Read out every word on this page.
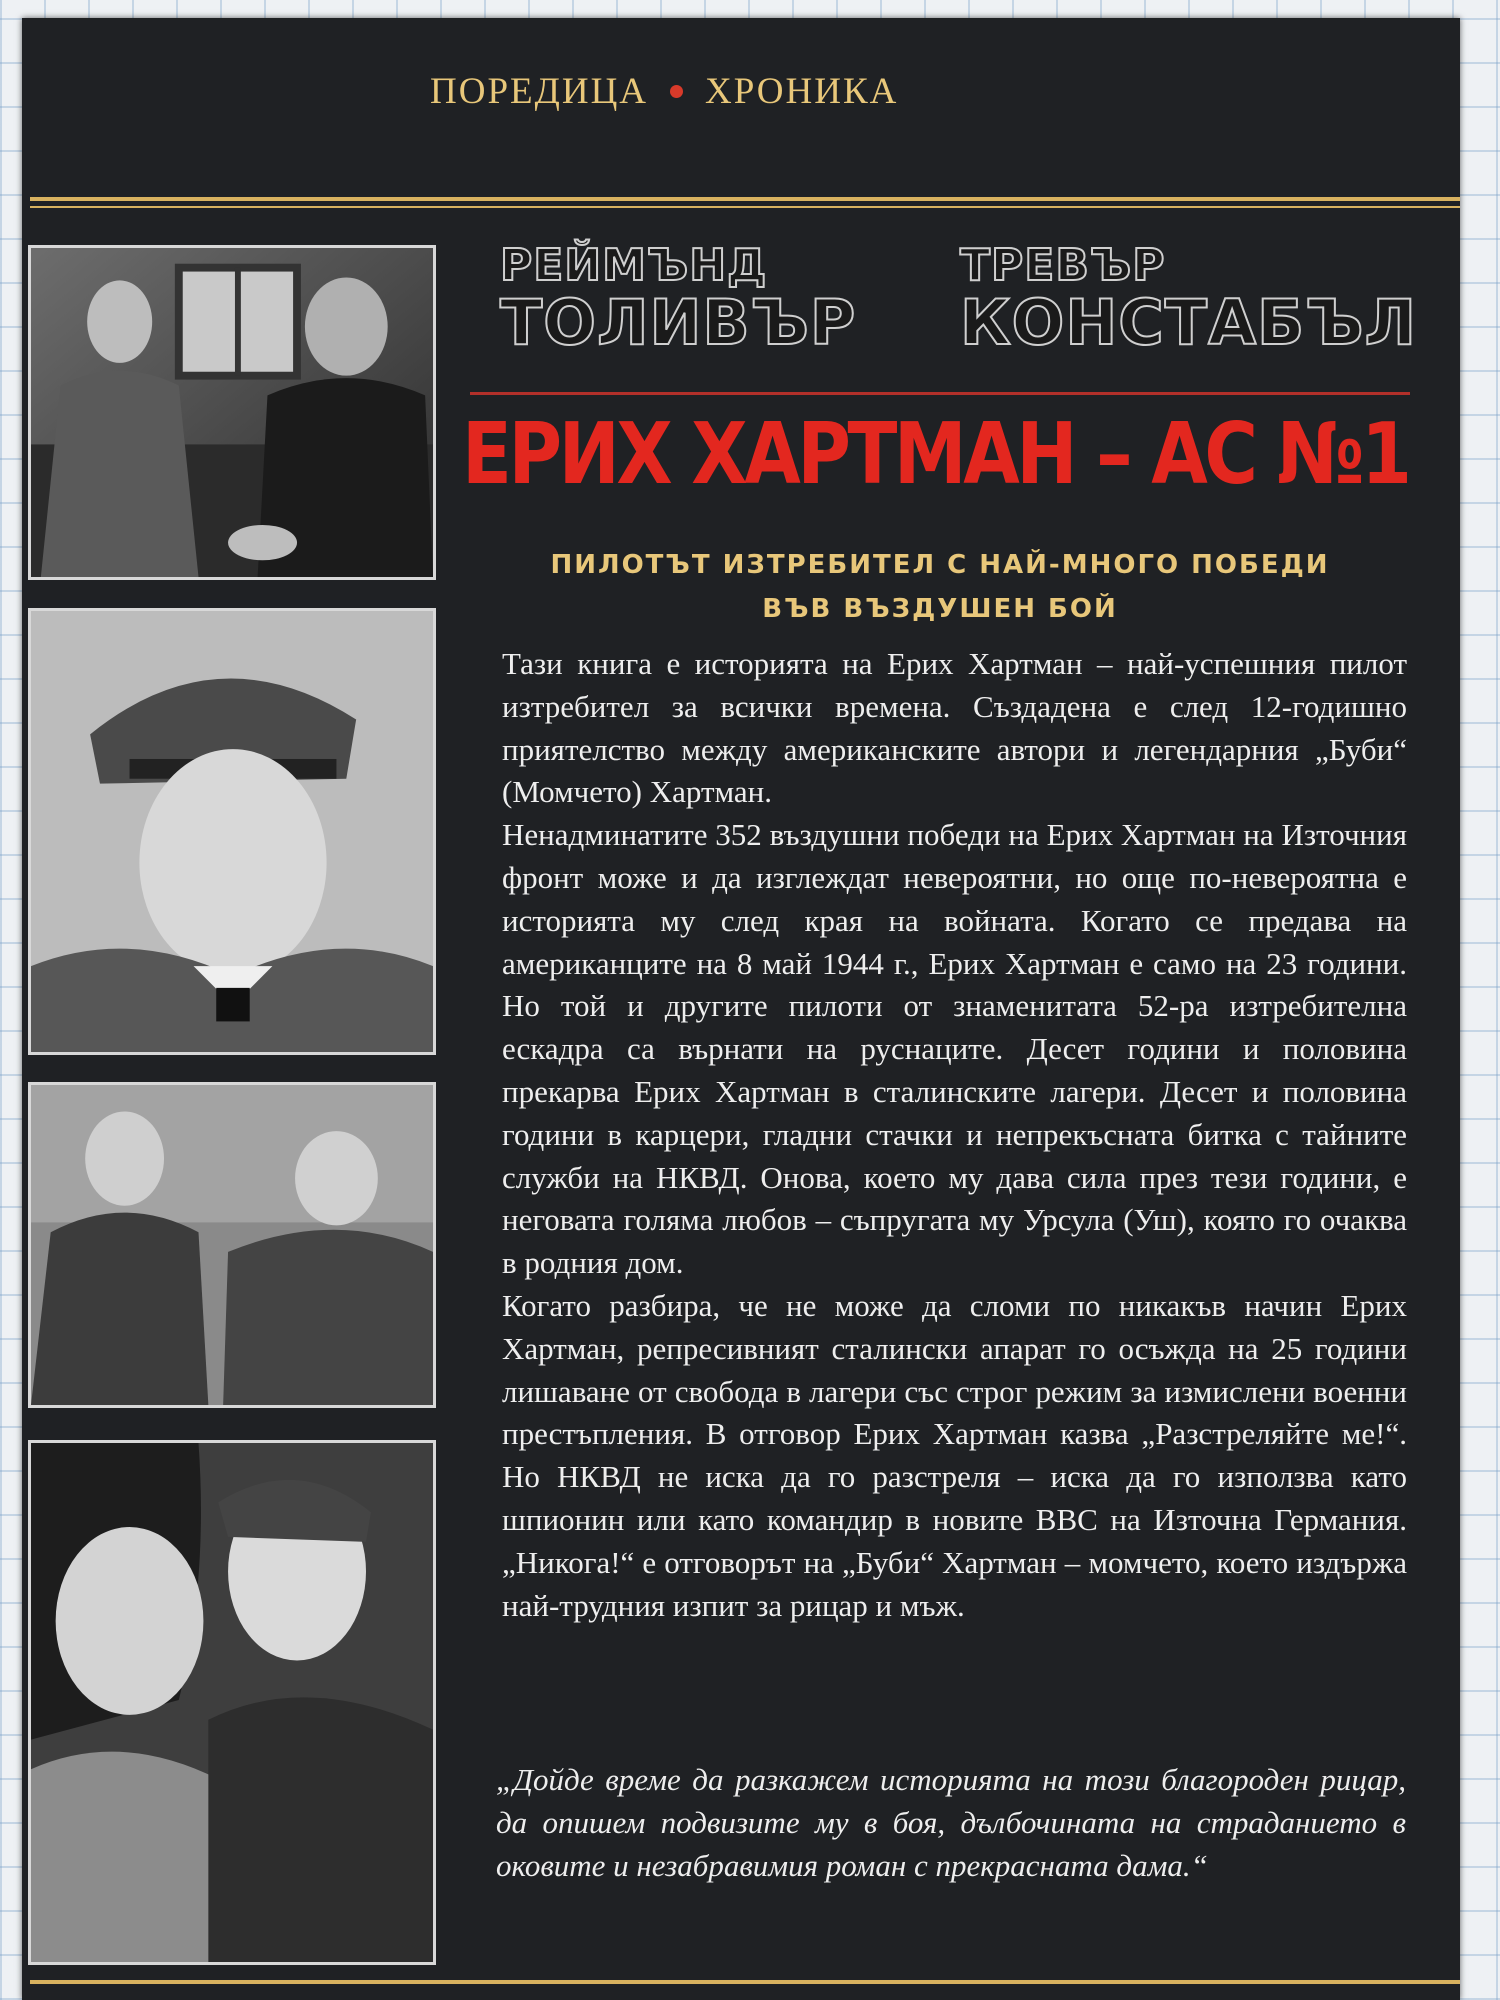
ПОРЕДИЦА ХРОНИКА
РЕЙМЪНД
ТОЛИВЪР
ТРЕВЪР
КОНСТАБЪЛ
ЕРИХ ХАРТМАН – АС №1
ПИЛОТЪТ ИЗТРЕБИТЕЛ С НАЙ-МНОГО ПОБЕДИ
ВЪВ ВЪЗДУШЕН БОЙ

Тази книга е историята на Ерих Хартман – най-успешния пилот изтребител за всички времена. Създадена е след 12-годишно приятелство между американските автори и легендарния „Буби“ (Момчето) Хартман.

Ненадминатите 352 въздушни победи на Ерих Хартман на Източния фронт може и да изглеждат невероятни, но още по-невероятна е историята му след края на войната. Когато се предава на американците на 8 май 1944 г., Ерих Хартман е само на 23 години. Но той и другите пилоти от знаменитата 52-ра изтребителна ескадра са върнати на руснаците. Десет години и половина прекарва Ерих Хартман в сталинските лагери. Десет и половина години в карцери, гладни стачки и непрекъсната битка с тайните служби на НКВД. Онова, което му дава сила през тези години, е неговата голяма любов – съпругата му Урсула (Уш), която го очаква в родния дом.

Когато разбира, че не може да сломи по никакъв начин Ерих Хартман, репресивният сталински апарат го осъжда на 25 години лишаване от свобода в лагери със строг режим за измислени военни престъпления. В отговор Ерих Хартман казва „Разстреляйте ме!“. Но НКВД не иска да го разстреля – иска да го използва като шпионин или като командир в новите ВВС на Източна Германия. „Никога!“ е отговорът на „Буби“ Хартман – момчето, което издържа най-трудния изпит за рицар и мъж.

„Дойде време да разкажем историята на този благороден рицар, да опишем подвизите му в боя, дълбочината на страданието в оковите и незабравимия роман с прекрасната дама.“
